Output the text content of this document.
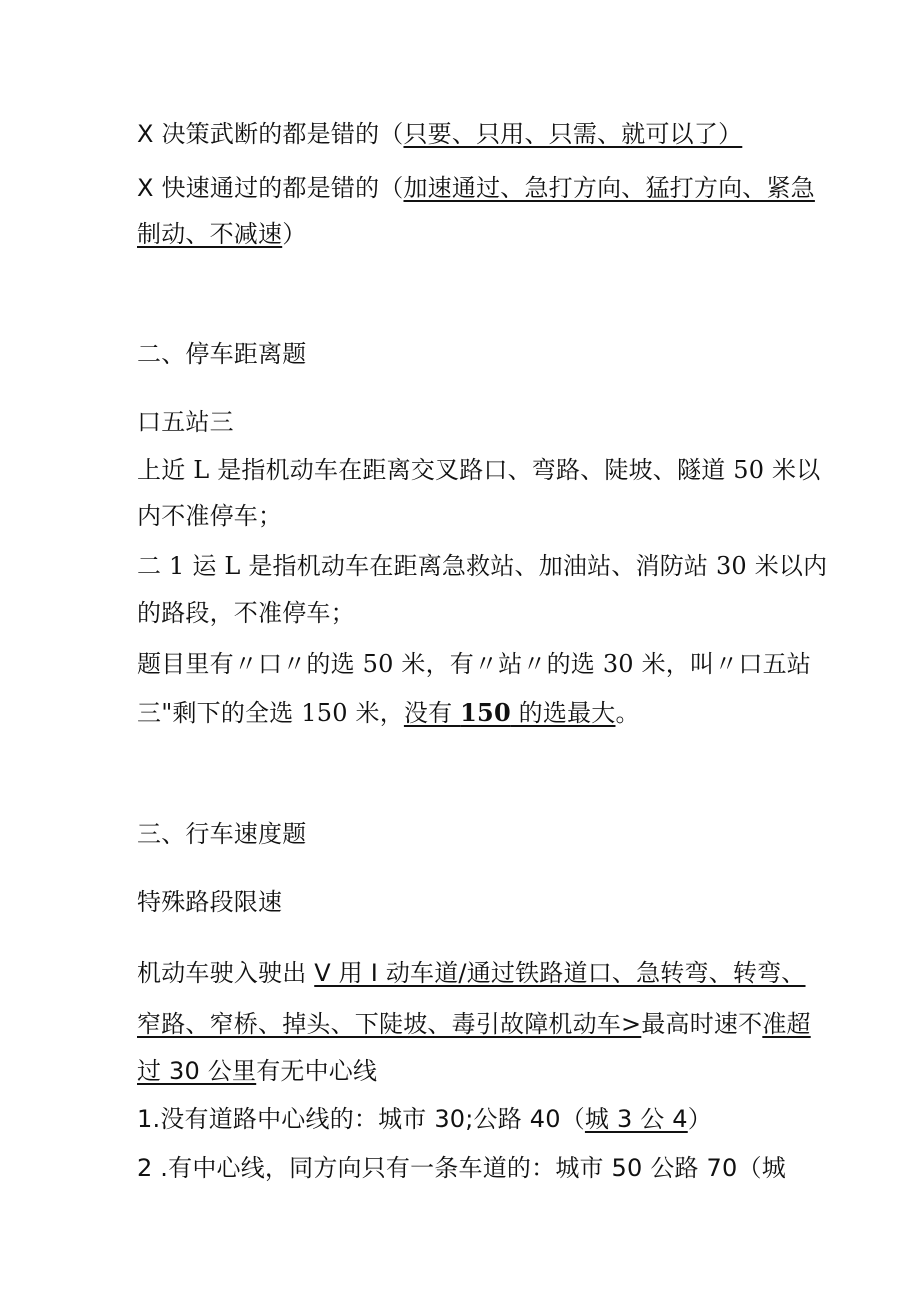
X 决策武断的都是错的（只要、只用、只需、就可以了）
X 快速通过的都是错的（加速通过、急打方向、猛打方向、紧急
制动、不减速）
二、停车距离题
口五站三
上近 L 是指机动车在距离交叉路口、弯路、陡坡、隧道 50 米以
内不准停车；
二 1 运 L 是指机动车在距离急救站、加油站、消防站 30 米以内
的路段，不准停车；
题目里有〃口〃的选 50 米，有〃站〃的选 30 米，叫〃口五站
三"剩下的全选 150 米，没有 150 的选最大。
三、行车速度题
特殊路段限速
机动车驶入驶出 V 用 I 动车道/通过铁路道口、急转弯、转弯、
窄路、窄桥、掉头、下陡坡、毒引故障机动车>最高时速不准超
过 30 公里有无中心线
1.没有道路中心线的：城市 30;公路 40（城 3 公 4）
2 .有中心线，同方向只有一条车道的：城市 50 公路 70（城
